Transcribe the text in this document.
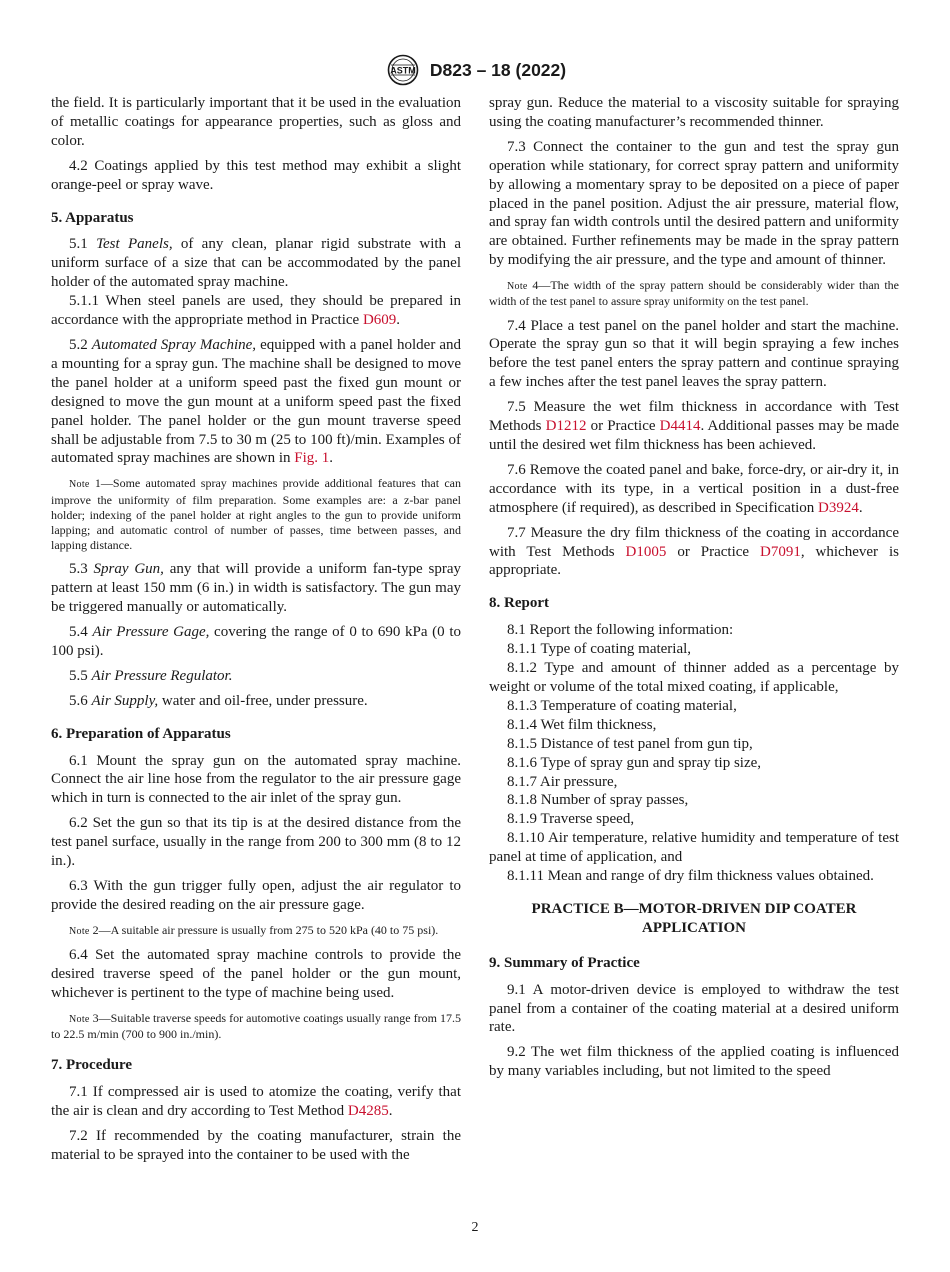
ASTM D823 – 18 (2022)

the field. It is particularly important that it be used in the evaluation of metallic coatings for appearance properties, such as gloss and color.

4.2 Coatings applied by this test method may exhibit a slight orange-peel or spray wave.

5. Apparatus

5.1 Test Panels, of any clean, planar rigid substrate with a uniform surface of a size that can be accommodated by the panel holder of the automated spray machine.

5.1.1 When steel panels are used, they should be prepared in accordance with the appropriate method in Practice D609.

5.2 Automated Spray Machine, equipped with a panel holder and a mounting for a spray gun. The machine shall be designed to move the panel holder at a uniform speed past the fixed gun mount or designed to move the gun mount at a uniform speed past the fixed panel holder. The panel holder or the gun mount traverse speed shall be adjustable from 7.5 to 30 m (25 to 100 ft)/min. Examples of automated spray machines are shown in Fig. 1.

Note 1—Some automated spray machines provide additional features that can improve the uniformity of film preparation. Some examples are: a z-bar panel holder; indexing of the panel holder at right angles to the gun to provide uniform lapping; and automatic control of number of passes, time between passes, and lapping distance.

5.3 Spray Gun, any that will provide a uniform fan-type spray pattern at least 150 mm (6 in.) in width is satisfactory. The gun may be triggered manually or automatically.

5.4 Air Pressure Gage, covering the range of 0 to 690 kPa (0 to 100 psi).

5.5 Air Pressure Regulator.

5.6 Air Supply, water and oil-free, under pressure.

6. Preparation of Apparatus

6.1 Mount the spray gun on the automated spray machine. Connect the air line hose from the regulator to the air pressure gage which in turn is connected to the air inlet of the spray gun.

6.2 Set the gun so that its tip is at the desired distance from the test panel surface, usually in the range from 200 to 300 mm (8 to 12 in.).

6.3 With the gun trigger fully open, adjust the air regulator to provide the desired reading on the air pressure gage.

Note 2—A suitable air pressure is usually from 275 to 520 kPa (40 to 75 psi).

6.4 Set the automated spray machine controls to provide the desired traverse speed of the panel holder or the gun mount, whichever is pertinent to the type of machine being used.

Note 3—Suitable traverse speeds for automotive coatings usually range from 17.5 to 22.5 m/min (700 to 900 in./min).

7. Procedure

7.1 If compressed air is used to atomize the coating, verify that the air is clean and dry according to Test Method D4285.

7.2 If recommended by the coating manufacturer, strain the material to be sprayed into the container to be used with the

spray gun. Reduce the material to a viscosity suitable for spraying using the coating manufacturer’s recommended thinner.

7.3 Connect the container to the gun and test the spray gun operation while stationary, for correct spray pattern and uniformity by allowing a momentary spray to be deposited on a piece of paper placed in the panel position. Adjust the air pressure, material flow, and spray fan width controls until the desired pattern and uniformity are obtained. Further refinements may be made in the spray pattern by modifying the air pressure, and the type and amount of thinner.

Note 4—The width of the spray pattern should be considerably wider than the width of the test panel to assure spray uniformity on the test panel.

7.4 Place a test panel on the panel holder and start the machine. Operate the spray gun so that it will begin spraying a few inches before the test panel enters the spray pattern and continue spraying a few inches after the test panel leaves the spray pattern.

7.5 Measure the wet film thickness in accordance with Test Methods D1212 or Practice D4414. Additional passes may be made until the desired wet film thickness has been achieved.

7.6 Remove the coated panel and bake, force-dry, or air-dry it, in accordance with its type, in a vertical position in a dust-free atmosphere (if required), as described in Specification D3924.

7.7 Measure the dry film thickness of the coating in accordance with Test Methods D1005 or Practice D7091, whichever is appropriate.

8. Report

8.1 Report the following information:

8.1.1 Type of coating material,

8.1.2 Type and amount of thinner added as a percentage by weight or volume of the total mixed coating, if applicable,

8.1.3 Temperature of coating material,

8.1.4 Wet film thickness,

8.1.5 Distance of test panel from gun tip,

8.1.6 Type of spray gun and spray tip size,

8.1.7 Air pressure,

8.1.8 Number of spray passes,

8.1.9 Traverse speed,

8.1.10 Air temperature, relative humidity and temperature of test panel at time of application, and

8.1.11 Mean and range of dry film thickness values obtained.

PRACTICE B—MOTOR-DRIVEN DIP COATER APPLICATION
9. Summary of Practice

9.1 A motor-driven device is employed to withdraw the test panel from a container of the coating material at a desired uniform rate.

9.2 The wet film thickness of the applied coating is influenced by many variables including, but not limited to the speed

2
